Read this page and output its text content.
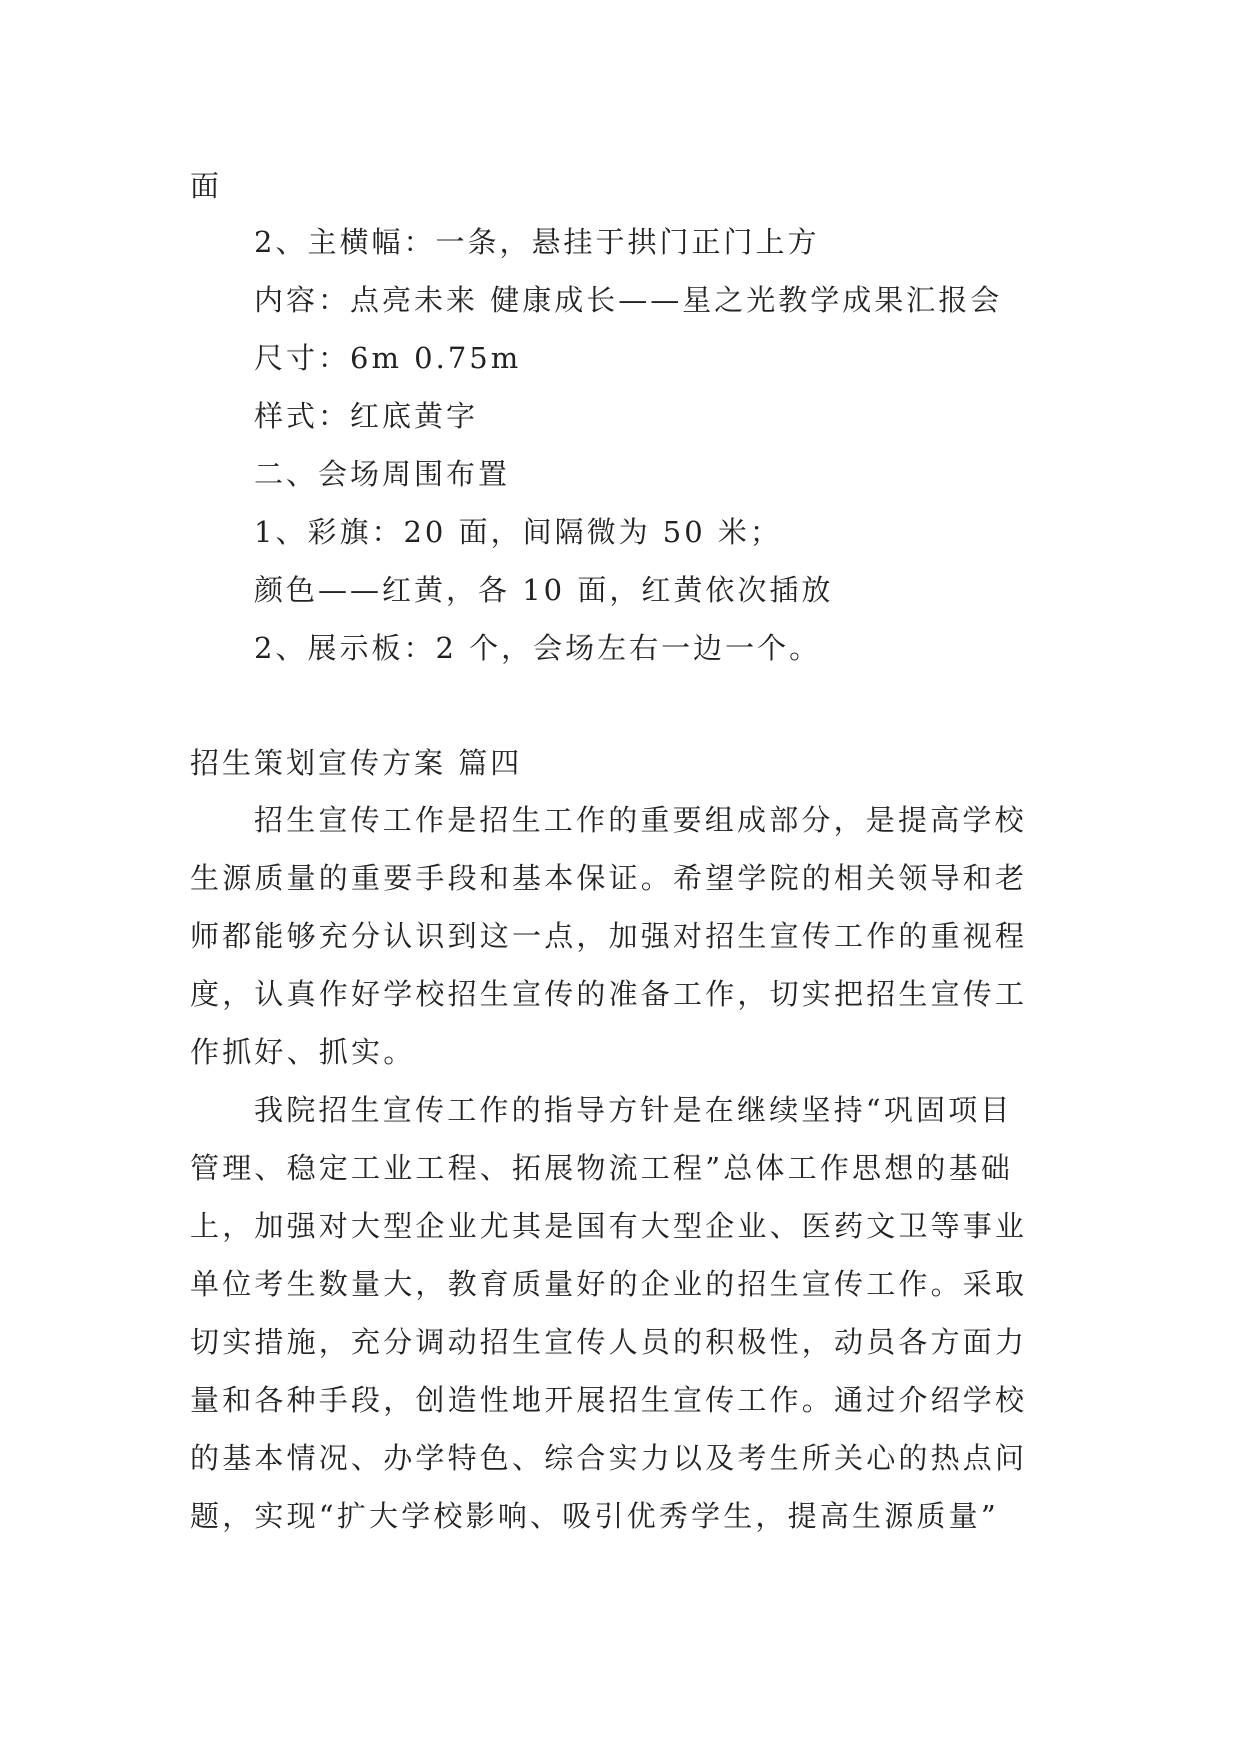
面
2、主横幅：一条，悬挂于拱门正门上方
内容：点亮未来 健康成长——星之光教学成果汇报会
尺寸：6m 0.75m
样式：红底黄字
二、会场周围布置
1、彩旗：20 面，间隔微为 50 米；
颜色——红黄，各 10 面，红黄依次插放
2、展示板：2 个，会场左右一边一个。
招生策划宣传方案 篇四
招生宣传工作是招生工作的重要组成部分，是提高学校
生源质量的重要手段和基本保证。希望学院的相关领导和老
师都能够充分认识到这一点，加强对招生宣传工作的重视程
度，认真作好学校招生宣传的准备工作，切实把招生宣传工
作抓好、抓实。
我院招生宣传工作的指导方针是在继续坚持“巩固项目
管理、稳定工业工程、拓展物流工程”总体工作思想的基础
上，加强对大型企业尤其是国有大型企业、医药文卫等事业
单位考生数量大，教育质量好的企业的招生宣传工作。采取
切实措施，充分调动招生宣传人员的积极性，动员各方面力
量和各种手段，创造性地开展招生宣传工作。通过介绍学校
的基本情况、办学特色、综合实力以及考生所关心的热点问
题，实现“扩大学校影响、吸引优秀学生，提高生源质量”
